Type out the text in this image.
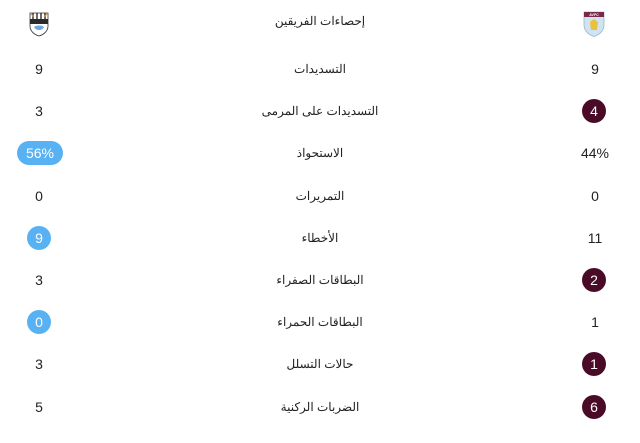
AVFC
إحصاءات الفريقين
9
التسديدات
9
4
التسديدات على المرمى
3
44%
الاستحواذ
56%
0
التمريرات
0
11
الأخطاء
9
2
البطاقات الصفراء
3
1
البطاقات الحمراء
0
1
حالات التسلل
3
6
الضربات الركنية
5
